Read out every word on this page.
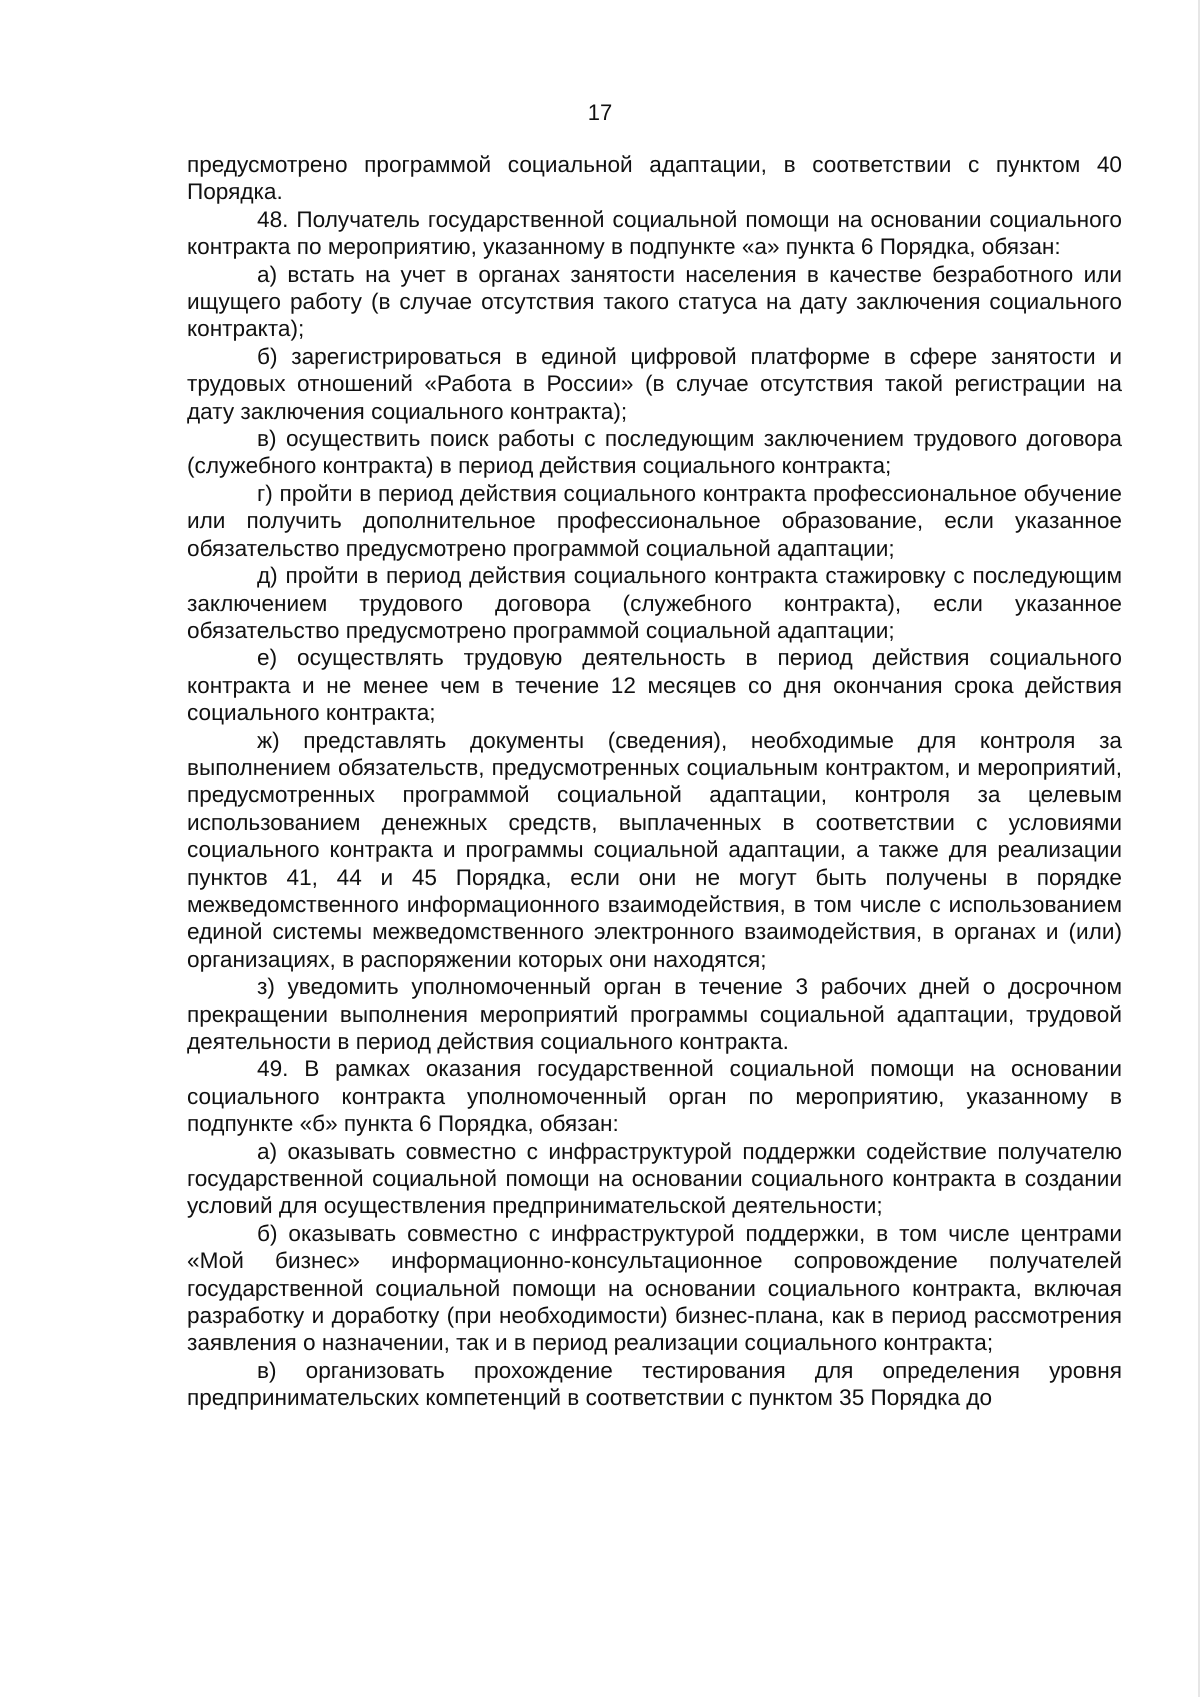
17

предусмотрено программой социальной адаптации, в соответствии с пунктом 40 Порядка.

48. Получатель государственной социальной помощи на основании социального контракта по мероприятию, указанному в подпункте «а» пункта 6 Порядка, обязан:

а) встать на учет в органах занятости населения в качестве безработного или ищущего работу (в случае отсутствия такого статуса на дату заключения социального контракта);

б) зарегистрироваться в единой цифровой платформе в сфере занятости и трудовых отношений «Работа в России» (в случае отсутствия такой регистрации на дату заключения социального контракта);

в) осуществить поиск работы с последующим заключением трудового договора (служебного контракта) в период действия социального контракта;

г) пройти в период действия социального контракта профессиональное обучение или получить дополнительное профессиональное образование, если указанное обязательство предусмотрено программой социальной адаптации;

д) пройти в период действия социального контракта стажировку с последующим заключением трудового договора (служебного контракта), если указанное обязательство предусмотрено программой социальной адаптации;

е) осуществлять трудовую деятельность в период действия социального контракта и не менее чем в течение 12 месяцев со дня окончания срока действия социального контракта;

ж) представлять документы (сведения), необходимые для контроля за выполнением обязательств, предусмотренных социальным контрактом, и мероприятий, предусмотренных программой социальной адаптации, контроля за целевым использованием денежных средств, выплаченных в соответствии с условиями социального контракта и программы социальной адаптации, а также для реализации пунктов 41, 44 и 45 Порядка, если они не могут быть получены в порядке межведомственного информационного взаимодействия, в том числе с использованием единой системы межведомственного электронного взаимодействия, в органах и (или) организациях, в распоряжении которых они находятся;

з) уведомить уполномоченный орган в течение 3 рабочих дней о досрочном прекращении выполнения мероприятий программы социальной адаптации, трудовой деятельности в период действия социального контракта.

49. В рамках оказания государственной социальной помощи на основании социального контракта уполномоченный орган по мероприятию, указанному в подпункте «б» пункта 6 Порядка, обязан:

а) оказывать совместно с инфраструктурой поддержки содействие получателю государственной социальной помощи на основании социального контракта в создании условий для осуществления предпринимательской деятельности;

б) оказывать совместно с инфраструктурой поддержки, в том числе центрами «Мой бизнес» информационно-консультационное сопровождение получателей государственной социальной помощи на основании социального контракта, включая разработку и доработку (при необходимости) бизнес-плана, как в период рассмотрения заявления о назначении, так и в период реализации социального контракта;

в) организовать прохождение тестирования для определения уровня предпринимательских компетенций в соответствии с пунктом 35 Порядка до
